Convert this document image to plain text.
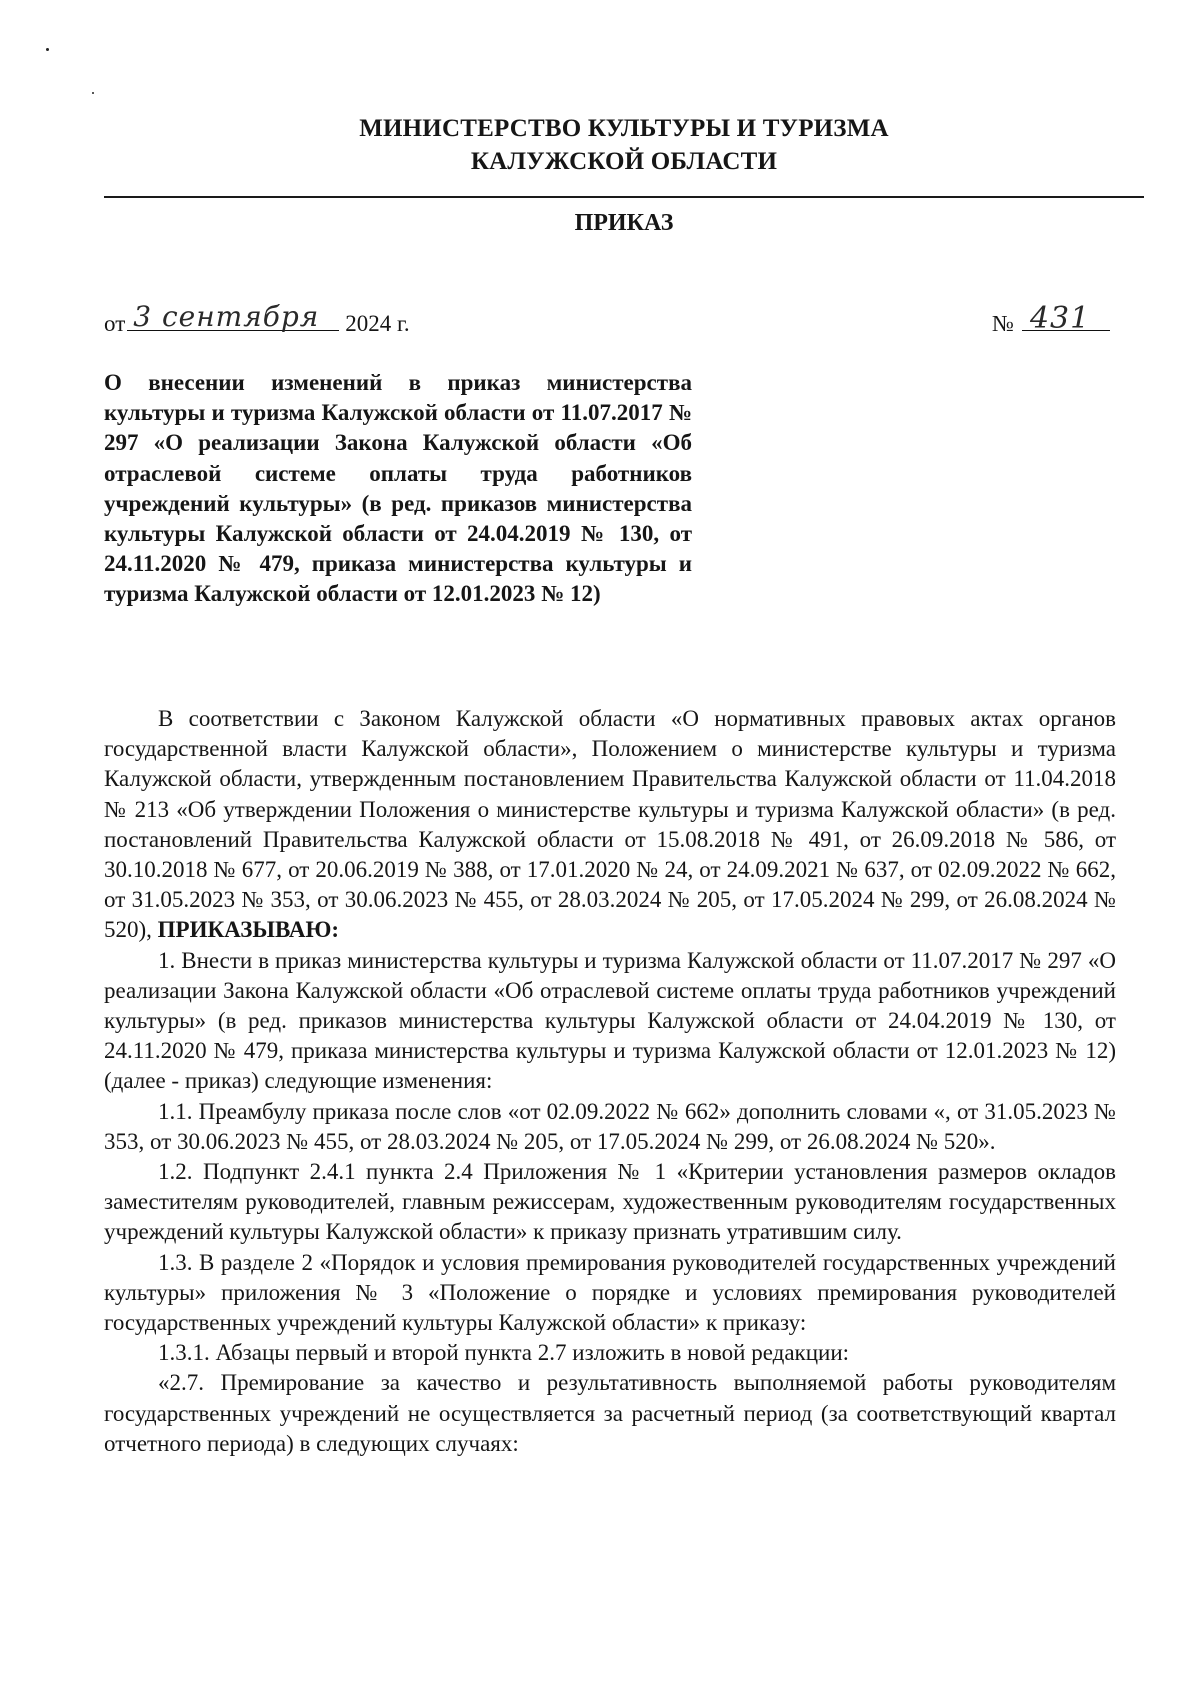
МИНИСТЕРСТВО КУЛЬТУРЫ И ТУРИЗМА
КАЛУЖСКОЙ ОБЛАСТИ
ПРИКАЗ
от 3 сентября 2024 г.	№ 431
О внесении изменений в приказ министерства культуры и туризма Калужской области от 11.07.2017 № 297 «О реализации Закона Калужской области «Об отраслевой системе оплаты труда работников учреждений культуры» (в ред. приказов министерства культуры Калужской области от 24.04.2019 № 130, от 24.11.2020 № 479, приказа министерства культуры и туризма Калужской области от 12.01.2023 № 12)

В соответствии с Законом Калужской области «О нормативных правовых актах органов государственной власти Калужской области», Положением о министерстве культуры и туризма Калужской области, утвержденным постановлением Правительства Калужской области от 11.04.2018 № 213 «Об утверждении Положения о министерстве культуры и туризма Калужской области» (в ред. постановлений Правительства Калужской области от 15.08.2018 № 491, от 26.09.2018 № 586, от 30.10.2018 № 677, от 20.06.2019 № 388, от 17.01.2020 № 24, от 24.09.2021 № 637, от 02.09.2022 № 662, от 31.05.2023 № 353, от 30.06.2023 № 455, от 28.03.2024 № 205, от 17.05.2024 № 299, от 26.08.2024 № 520), ПРИКАЗЫВАЮ:

1. Внести в приказ министерства культуры и туризма Калужской области от 11.07.2017 № 297 «О реализации Закона Калужской области «Об отраслевой системе оплаты труда работников учреждений культуры» (в ред. приказов министерства культуры Калужской области от 24.04.2019 № 130, от 24.11.2020 № 479, приказа министерства культуры и туризма Калужской области от 12.01.2023 № 12) (далее - приказ) следующие изменения:

1.1. Преамбулу приказа после слов «от 02.09.2022 № 662» дополнить словами «, от 31.05.2023 № 353, от 30.06.2023 № 455, от 28.03.2024 № 205, от 17.05.2024 № 299, от 26.08.2024 № 520».

1.2. Подпункт 2.4.1 пункта 2.4 Приложения № 1 «Критерии установления размеров окладов заместителям руководителей, главным режиссерам, художественным руководителям государственных учреждений культуры Калужской области» к приказу признать утратившим силу.

1.3. В разделе 2 «Порядок и условия премирования руководителей государственных учреждений культуры» приложения № 3 «Положение о порядке и условиях премирования руководителей государственных учреждений культуры Калужской области» к приказу:

1.3.1. Абзацы первый и второй пункта 2.7 изложить в новой редакции:

«2.7. Премирование за качество и результативность выполняемой работы руководителям государственных учреждений не осуществляется за расчетный период (за соответствующий квартал отчетного периода) в следующих случаях:
